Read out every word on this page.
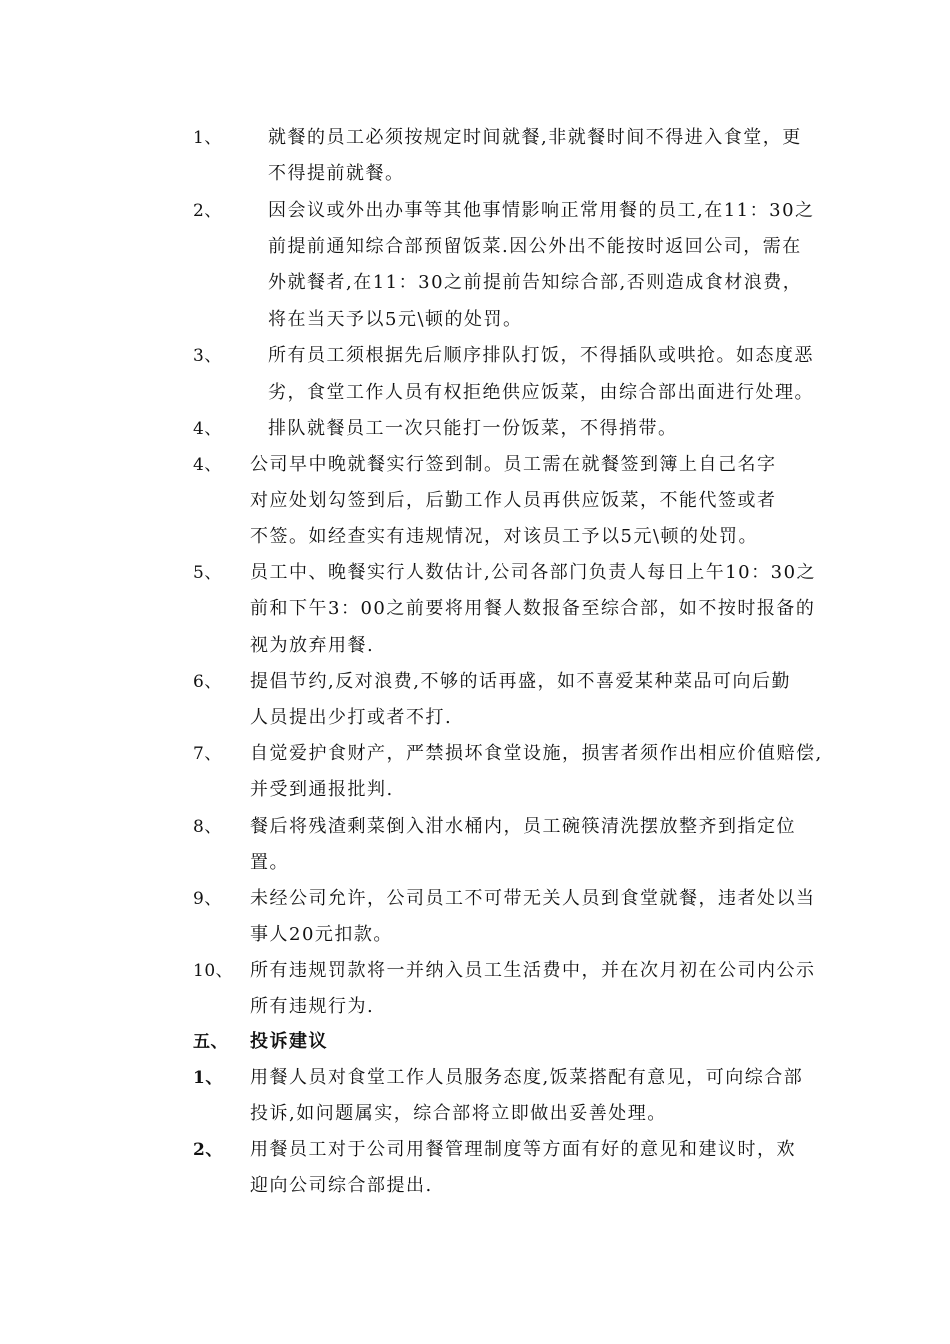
1、	就餐的员工必须按规定时间就餐,非就餐时间不得进入食堂，更
不得提前就餐。
2、	因会议或外出办事等其他事情影响正常用餐的员工,在11：30之
前提前通知综合部预留饭菜.因公外出不能按时返回公司，需在
外就餐者,在11：30之前提前告知综合部,否则造成食材浪费，
将在当天予以5元\顿的处罚。
3、	所有员工须根据先后顺序排队打饭，不得插队或哄抢。如态度恶
劣，食堂工作人员有权拒绝供应饭菜，由综合部出面进行处理。
4、	排队就餐员工一次只能打一份饭菜，不得捎带。
4、 公司早中晚就餐实行签到制。员工需在就餐签到簿上自己名字
对应处划勾签到后，后勤工作人员再供应饭菜，不能代签或者
不签。如经查实有违规情况，对该员工予以5元\顿的处罚。
5、 员工中、晚餐实行人数估计,公司各部门负责人每日上午10：30之
前和下午3：00之前要将用餐人数报备至综合部，如不按时报备的
视为放弃用餐.
6、 提倡节约,反对浪费,不够的话再盛，如不喜爱某种菜品可向后勤
人员提出少打或者不打.
7、 自觉爱护食财产，严禁损坏食堂设施，损害者须作出相应价值赔偿,
并受到通报批判.
8、 餐后将残渣剩菜倒入泔水桶内，员工碗筷清洗摆放整齐到指定位
置。
9、 未经公司允许，公司员工不可带无关人员到食堂就餐，违者处以当
事人20元扣款。
10、 所有违规罚款将一并纳入员工生活费中，并在次月初在公司内公示
所有违规行为.
五、 投诉建议
1、 用餐人员对食堂工作人员服务态度,饭菜搭配有意见，可向综合部
投诉,如问题属实，综合部将立即做出妥善处理。
2、 用餐员工对于公司用餐管理制度等方面有好的意见和建议时，欢
迎向公司综合部提出.
